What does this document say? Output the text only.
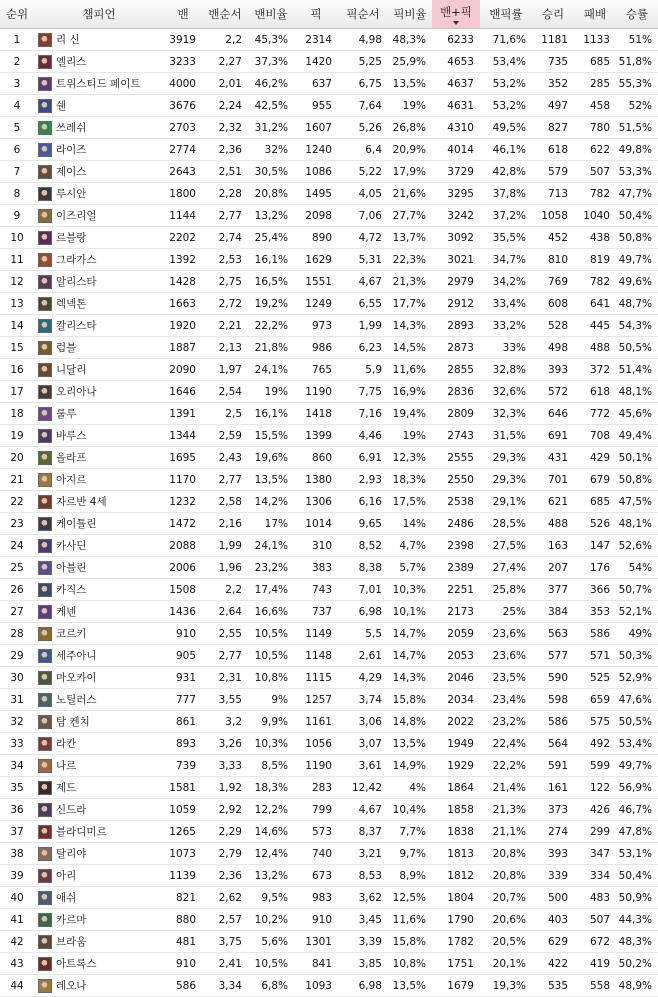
순위	챔피언	밴	밴순서	밴비율	픽	픽순서	픽비율	밴+픽	밴픽률	승리	패배	승률
1	리 신	3919	2,2	45,3%	2314	4,98	48,3%	6233	71,6%	1181	1133	51%
2	엘리스	3233	2,27	37,3%	1420	5,25	25,9%	4653	53,4%	735	685	51,8%
3	트위스티드 페이트	4000	2,01	46,2%	637	6,75	13,5%	4637	53,2%	352	285	55,3%
4	쉔	3676	2,24	42,5%	955	7,64	19%	4631	53,2%	497	458	52%
5	쓰레쉬	2703	2,32	31,2%	1607	5,26	26,8%	4310	49,5%	827	780	51,5%
6	라이즈	2774	2,36	32%	1240	6,4	20,9%	4014	46,1%	618	622	49,8%
7	제이스	2643	2,51	30,5%	1086	5,22	17,9%	3729	42,8%	579	507	53,3%
8	루시안	1800	2,28	20,8%	1495	4,05	21,6%	3295	37,8%	713	782	47,7%
9	이즈리얼	1144	2,77	13,2%	2098	7,06	27,7%	3242	37,2%	1058	1040	50,4%
10	르블랑	2202	2,74	25,4%	890	4,72	13,7%	3092	35,5%	452	438	50,8%
11	그라가스	1392	2,53	16,1%	1629	5,31	22,3%	3021	34,7%	810	819	49,7%
12	알리스타	1428	2,75	16,5%	1551	4,67	21,3%	2979	34,2%	769	782	49,6%
13	렉넥톤	1663	2,72	19,2%	1249	6,55	17,7%	2912	33,4%	608	641	48,7%
14	칼리스타	1920	2,21	22,2%	973	1,99	14,3%	2893	33,2%	528	445	54,3%
15	럼블	1887	2,13	21,8%	986	6,23	14,5%	2873	33%	498	488	50,5%
16	니달리	2090	1,97	24,1%	765	5,9	11,6%	2855	32,8%	393	372	51,4%
17	오리아나	1646	2,54	19%	1190	7,75	16,9%	2836	32,6%	572	618	48,1%
18	룰루	1391	2,5	16,1%	1418	7,16	19,4%	2809	32,3%	646	772	45,6%
19	바루스	1344	2,59	15,5%	1399	4,46	19%	2743	31,5%	691	708	49,4%
20	올라프	1695	2,43	19,6%	860	6,91	12,3%	2555	29,3%	431	429	50,1%
21	아지르	1170	2,77	13,5%	1380	2,93	18,3%	2550	29,3%	701	679	50,8%
22	자르반 4세	1232	2,58	14,2%	1306	6,16	17,5%	2538	29,1%	621	685	47,5%
23	케이틀린	1472	2,16	17%	1014	9,65	14%	2486	28,5%	488	526	48,1%
24	카사딘	2088	1,99	24,1%	310	8,52	4,7%	2398	27,5%	163	147	52,6%
25	아블린	2006	1,96	23,2%	383	8,38	5,7%	2389	27,4%	207	176	54%
26	카직스	1508	2,2	17,4%	743	7,01	10,3%	2251	25,8%	377	366	50,7%
27	케넨	1436	2,64	16,6%	737	6,98	10,1%	2173	25%	384	353	52,1%
28	코르키	910	2,55	10,5%	1149	5,5	14,7%	2059	23,6%	563	586	49%
29	세주아니	905	2,77	10,5%	1148	2,61	14,7%	2053	23,6%	577	571	50,3%
30	마오카이	931	2,31	10,8%	1115	4,29	14,3%	2046	23,5%	590	525	52,9%
31	노틸러스	777	3,55	9%	1257	3,74	15,8%	2034	23,4%	598	659	47,6%
32	탐 켄치	861	3,2	9,9%	1161	3,06	14,8%	2022	23,2%	586	575	50,5%
33	라칸	893	3,26	10,3%	1056	3,07	13,5%	1949	22,4%	564	492	53,4%
34	나르	739	3,33	8,5%	1190	3,61	14,9%	1929	22,2%	591	599	49,7%
35	제드	1581	1,92	18,3%	283	12,42	4%	1864	21,4%	161	122	56,9%
36	신드라	1059	2,92	12,2%	799	4,67	10,4%	1858	21,3%	373	426	46,7%
37	블라디미르	1265	2,29	14,6%	573	8,37	7,7%	1838	21,1%	274	299	47,8%
38	탈리야	1073	2,79	12,4%	740	3,21	9,7%	1813	20,8%	393	347	53,1%
39	아리	1139	2,36	13,2%	673	8,53	8,9%	1812	20,8%	339	334	50,4%
40	애쉬	821	2,62	9,5%	983	3,62	12,5%	1804	20,7%	500	483	50,9%
41	카르마	880	2,57	10,2%	910	3,45	11,6%	1790	20,6%	403	507	44,3%
42	브라움	481	3,75	5,6%	1301	3,39	15,8%	1782	20,5%	629	672	48,3%
43	아트록스	910	2,41	10,5%	841	3,85	10,8%	1751	20,1%	422	419	50,2%
44	레오나	586	3,34	6,8%	1093	6,98	13,5%	1679	19,3%	535	558	48,9%
